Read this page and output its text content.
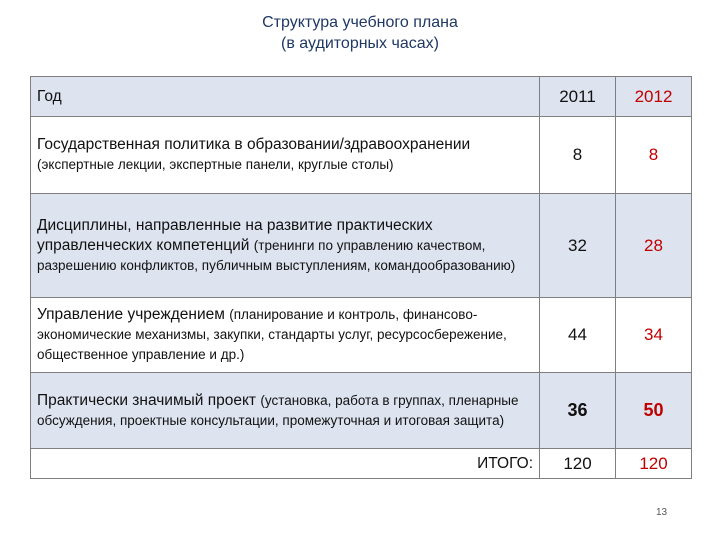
Структура учебного плана
(в аудиторных часах)
Год	2011	2012
Государственная политика в образовании/здравоохранении (экспертные лекции, экспертные панели, круглые столы)	8	8
Дисциплины, направленные на развитие практических управленческих компетенций (тренинги по управлению качеством, разрешению конфликтов, публичным выступлениям, командообразованию)	32	28
Управление учреждением (планирование и контроль, финансово-экономические механизмы, закупки, стандарты услуг, ресурсосбережение, общественное управление и др.)	44	34
Практически значимый проект (установка, работа в группах, пленарные обсуждения, проектные консультации, промежуточная и итоговая защита)	36	50
ИТОГО:	120	120
13
